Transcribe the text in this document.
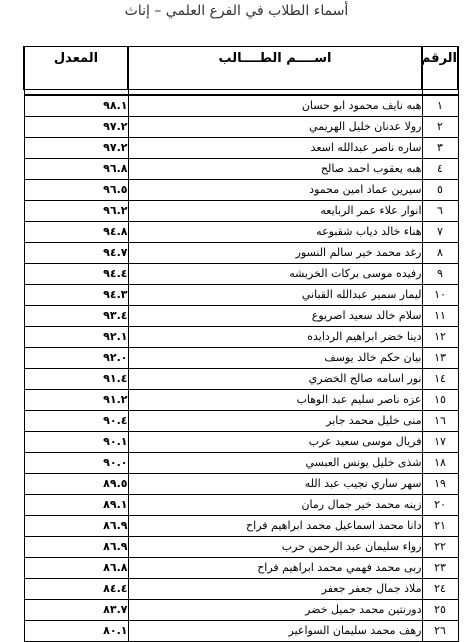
أسماء الطلاب في الفرع العلمي – إناث
الرقم	اســــم الطــــالب	المعدل

١	هبه نايف محمود ابو حسان	٩٨.١
٢	رولا عدنان خليل الهريمي	٩٧.٢
٣	ساره ناصر عبدالله اسعد	٩٧.٢
٤	هبه يعقوب احمد صالح	٩٦.٨
٥	سيرين عماد امين محمود	٩٦.٥
٦	انوار علاء عمر الربايعه	٩٦.٢
٧	هناء خالد دياب شقبوعه	٩٤.٨
٨	رغد محمد خير سالم النسور	٩٤.٧
٩	رفيده موسى بركات الخريشه	٩٤.٤
١٠	ليمار سمير عبدالله القباني	٩٤.٣
١١	سلام خالد سعيد اصريوع	٩٣.٤
١٢	دينا خضر ابراهيم الردايده	٩٢.١
١٣	بيان حكم خالد يوسف	٩٢.٠
١٤	نور اسامه صالح الخضري	٩١.٤
١٥	عزه ناصر سليم عبد الوهاب	٩١.٢
١٦	منى خليل محمد جابر	٩٠.٤
١٧	فريال موسى سعيد عرب	٩٠.١
١٨	شذى خليل يونس العبسي	٩٠.٠
١٩	سهر ساري نجيب عبد الله	٨٩.٥
٢٠	زينه محمد خير جمال رمان	٨٩.١
٢١	دانا محمد اسماعيل محمد ابراهيم فراح	٨٦.٩
٢٢	رواء سليمان عبد الرحمن حرب	٨٦.٩
٢٣	ربى محمد فهمي محمد ابراهيم فراح	٨٦.٨
٢٤	ملاذ جمال جعفر جعفر	٨٤.٤
٢٥	دورنتين محمد جميل خضر	٨٣.٧
٢٦	رهف محمد سليمان السواعير	٨٠.١
